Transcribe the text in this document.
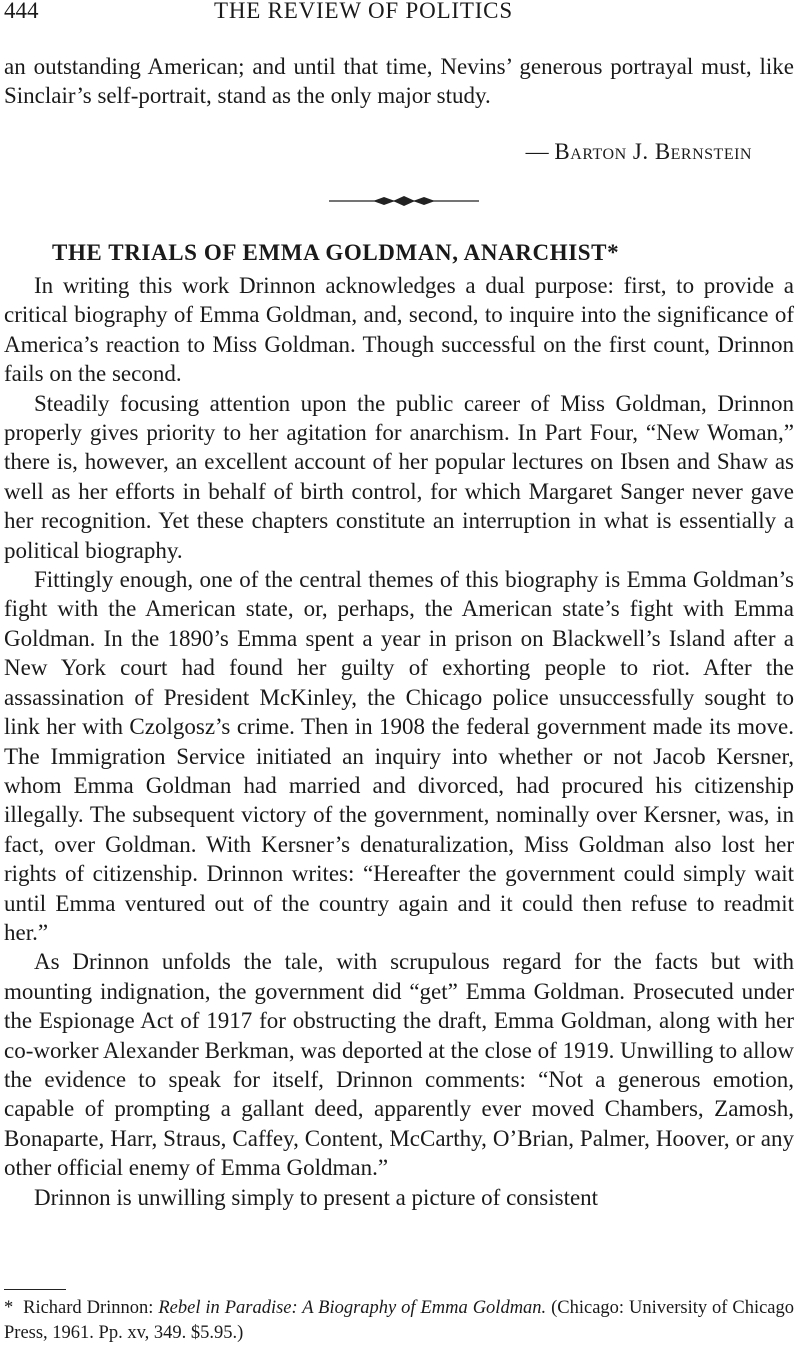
444	THE REVIEW OF POLITICS

an outstanding American; and until that time, Nevins’ generous portrayal must, like Sinclair’s self-portrait, stand as the only major study.

— Barton J. Bernstein
THE TRIALS OF EMMA GOLDMAN, ANARCHIST*

In writing this work Drinnon acknowledges a dual purpose: first, to provide a critical biography of Emma Goldman, and, second, to inquire into the significance of America’s reaction to Miss Goldman. Though successful on the first count, Drinnon fails on the second.

Steadily focusing attention upon the public career of Miss Goldman, Drinnon properly gives priority to her agitation for anarchism. In Part Four, “New Woman,” there is, however, an excellent account of her popular lectures on Ibsen and Shaw as well as her efforts in behalf of birth control, for which Margaret Sanger never gave her recognition. Yet these chapters constitute an interruption in what is essentially a political biography.

Fittingly enough, one of the central themes of this biography is Emma Goldman’s fight with the American state, or, perhaps, the American state’s fight with Emma Goldman. In the 1890’s Emma spent a year in prison on Blackwell’s Island after a New York court had found her guilty of exhorting people to riot. After the assassination of President McKinley, the Chicago police unsuccessfully sought to link her with Czolgosz’s crime. Then in 1908 the federal government made its move. The Immigration Service initiated an inquiry into whether or not Jacob Kersner, whom Emma Goldman had married and divorced, had procured his citizenship illegally. The subsequent victory of the government, nominally over Kersner, was, in fact, over Goldman. With Kersner’s denaturalization, Miss Goldman also lost her rights of citizenship. Drinnon writes: “Hereafter the government could simply wait until Emma ventured out of the country again and it could then refuse to readmit her.”

As Drinnon unfolds the tale, with scrupulous regard for the facts but with mounting indignation, the government did “get” Emma Goldman. Prosecuted under the Espionage Act of 1917 for obstructing the draft, Emma Goldman, along with her co-worker Alexander Berkman, was deported at the close of 1919. Unwilling to allow the evidence to speak for itself, Drinnon comments: “Not a generous emotion, capable of prompting a gallant deed, apparently ever moved Chambers, Zamosh, Bonaparte, Harr, Straus, Caffey, Content, McCarthy, O’Brian, Palmer, Hoover, or any other official enemy of Emma Goldman.”

Drinnon is unwilling simply to present a picture of consistent

* Richard Drinnon: Rebel in Paradise: A Biography of Emma Goldman. (Chicago: University of Chicago Press, 1961. Pp. xv, 349. $5.95.)
